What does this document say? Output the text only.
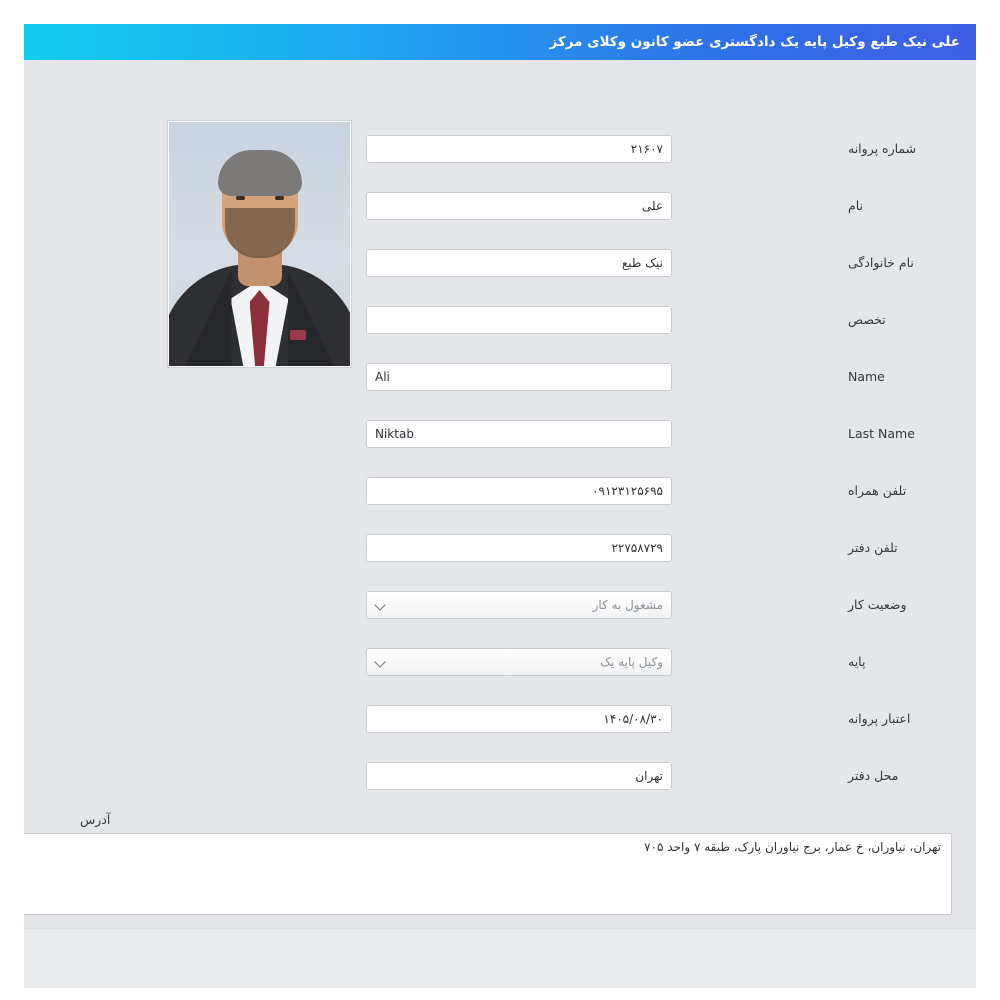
علی نیک طبع وکیل پایه یک دادگستری عضو کانون وکلای مرکز
شماره پروانه
۲۱۶۰۷
نام
علی
نام خانوادگی
نیک طبع
تخصص
Name
Ali
Last Name
Niktab
تلفن همراه
۰۹۱۲۳۱۲۵۶۹۵
تلفن دفتر
۲۲۷۵۸۷۲۹
وضعیت کار
مشغول به کار
پایه
وکیل پایه یک
اعتبار پروانه
۱۴۰۵/۰۸/۳۰
محل دفتر
تهران
آدرس
تهران، نیاوران، خ عمار، برج نیاوران پارک، طبقه ۷ واحد ۷۰۵
